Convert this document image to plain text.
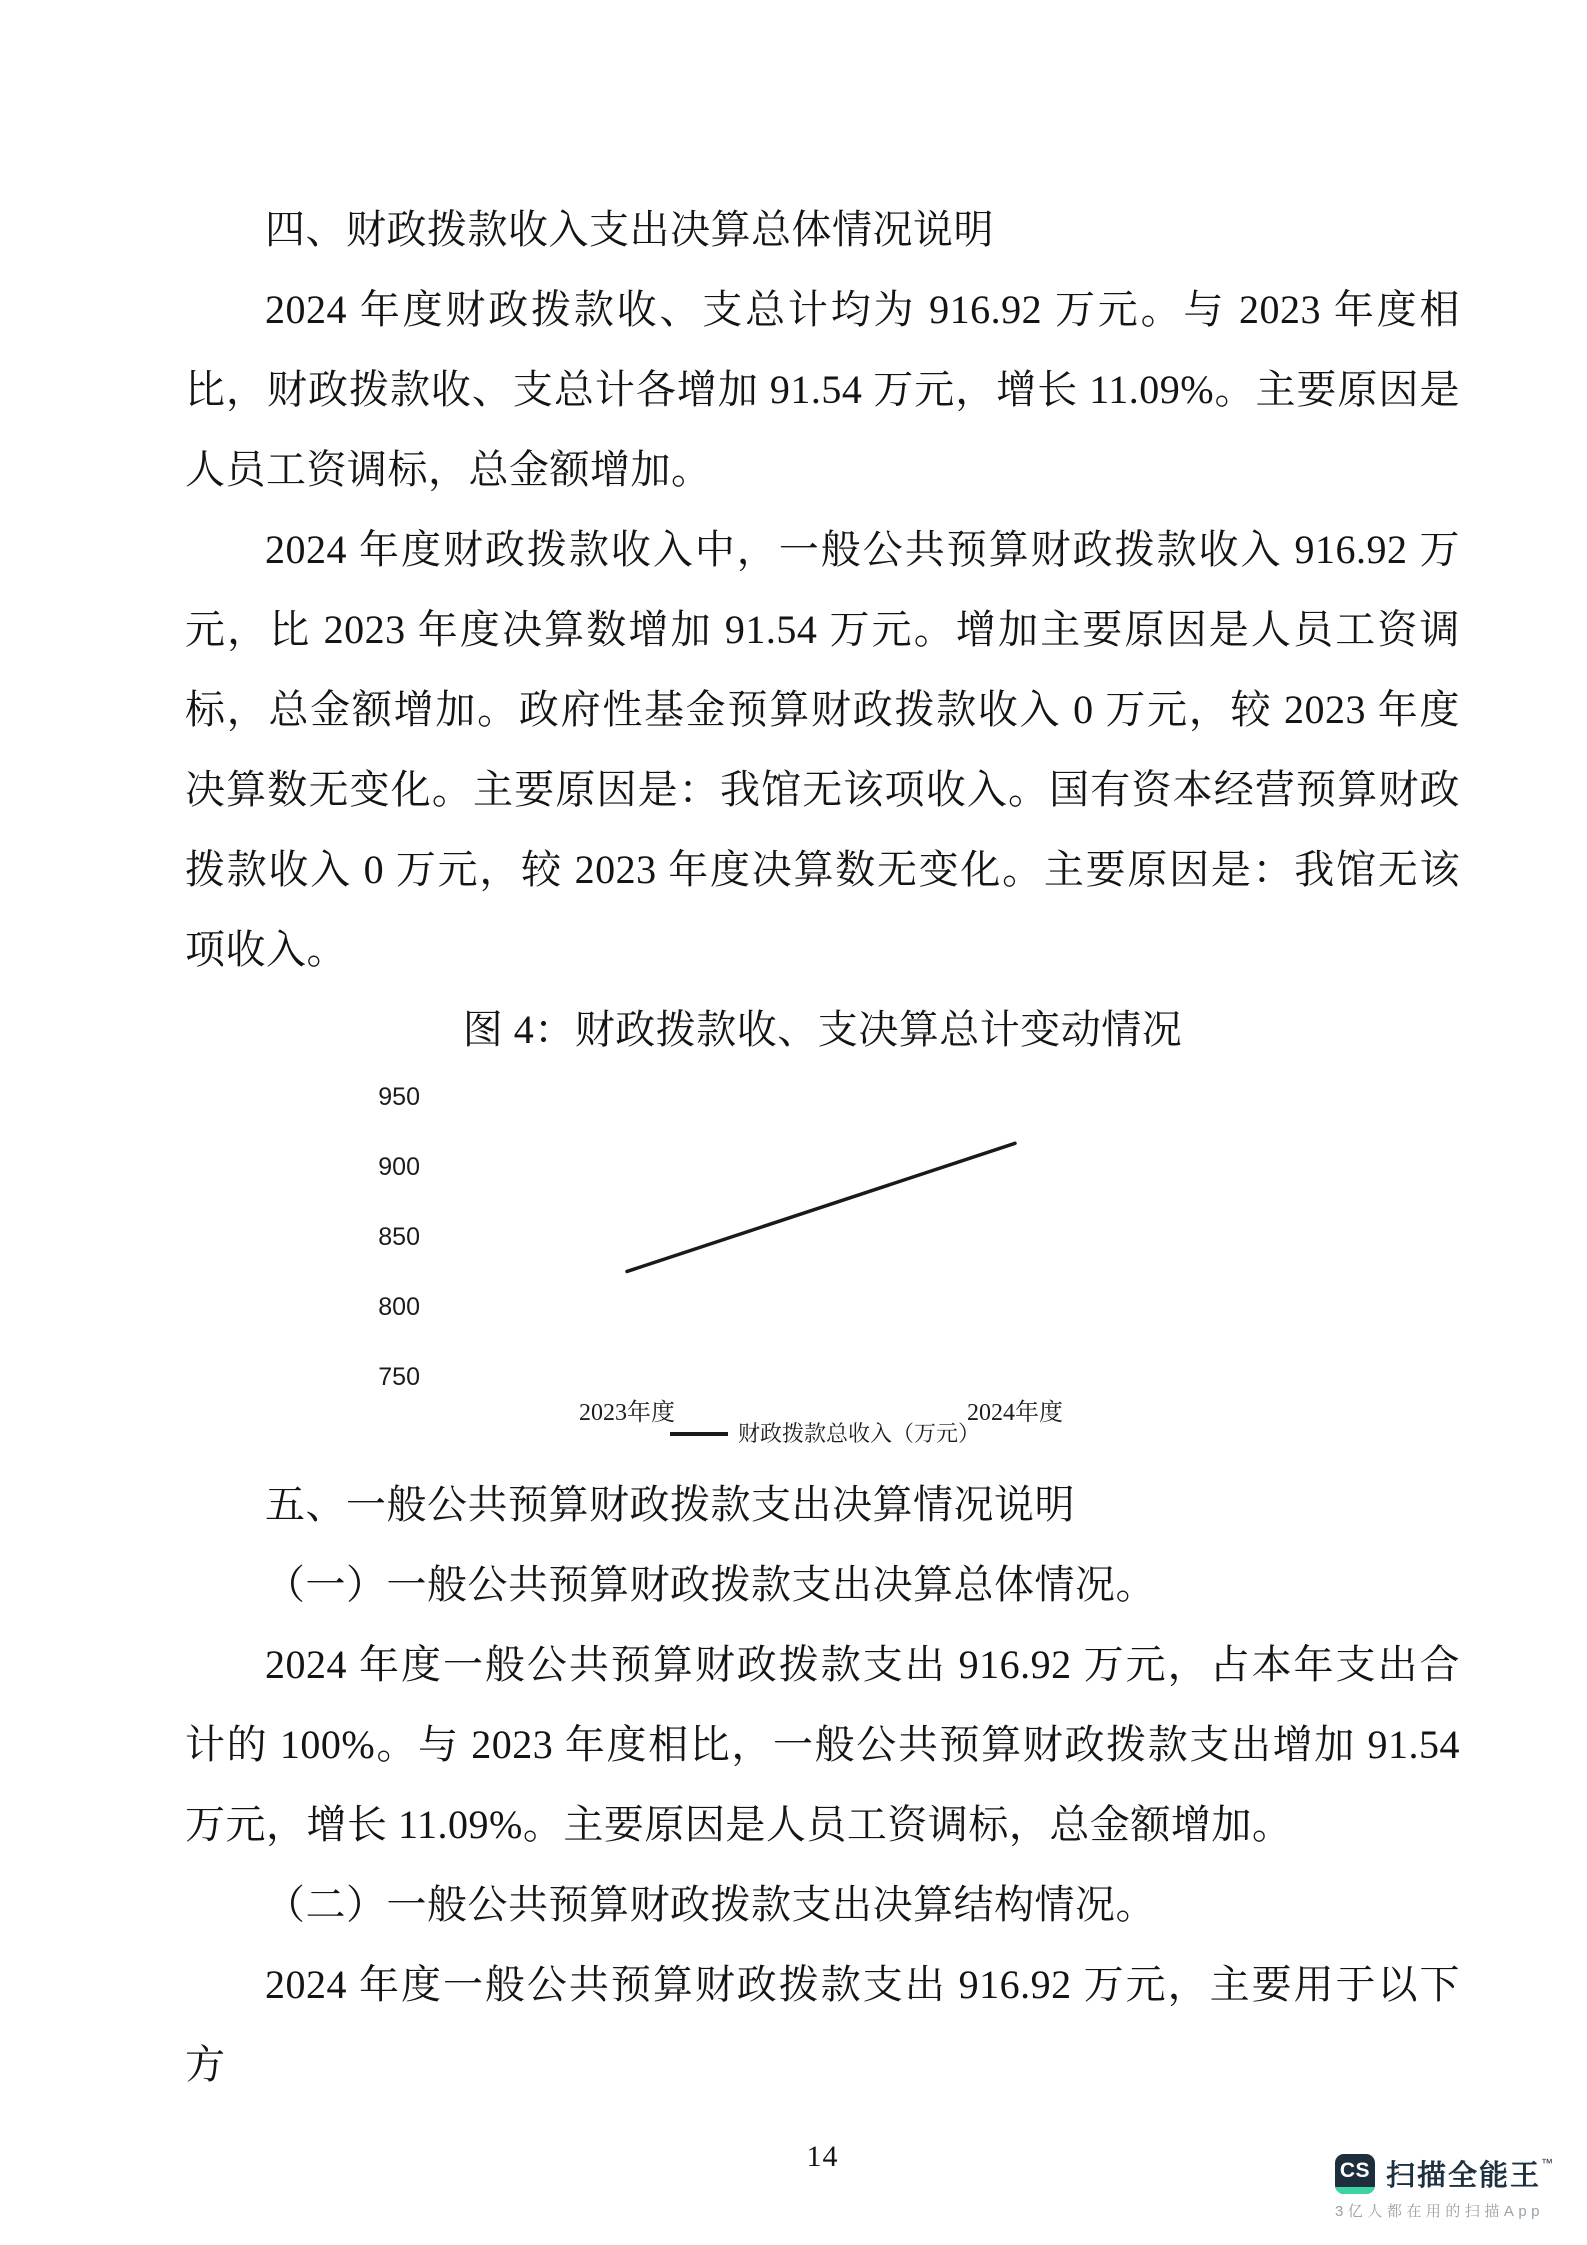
四、财政拨款收入支出决算总体情况说明

2024 年度财政拨款收、支总计均为 916.92 万元。与 2023 年度相比，财政拨款收、支总计各增加 91.54 万元，增长 11.09%。主要原因是人员工资调标，总金额增加。

2024 年度财政拨款收入中，一般公共预算财政拨款收入 916.92 万元，比 2023 年度决算数增加 91.54 万元。增加主要原因是人员工资调标，总金额增加。政府性基金预算财政拨款收入 0 万元，较 2023 年度决算数无变化。主要原因是：我馆无该项收入。国有资本经营预算财政拨款收入 0 万元，较 2023 年度决算数无变化。主要原因是：我馆无该项收入。

图 4：财政拨款收、支决算总计变动情况

950
900
850
800
750
2023年度	2024年度
财政拨款总收入（万元）
五、一般公共预算财政拨款支出决算情况说明

（一）一般公共预算财政拨款支出决算总体情况。

2024 年度一般公共预算财政拨款支出 916.92 万元，占本年支出合计的 100%。与 2023 年度相比，一般公共预算财政拨款支出增加 91.54 万元，增长 11.09%。主要原因是人员工资调标，总金额增加。

（二）一般公共预算财政拨款支出决算结构情况。

2024 年度一般公共预算财政拨款支出 916.92 万元，主要用于以下方

14	CS 扫描全能王™
3亿人都在用的扫描App
